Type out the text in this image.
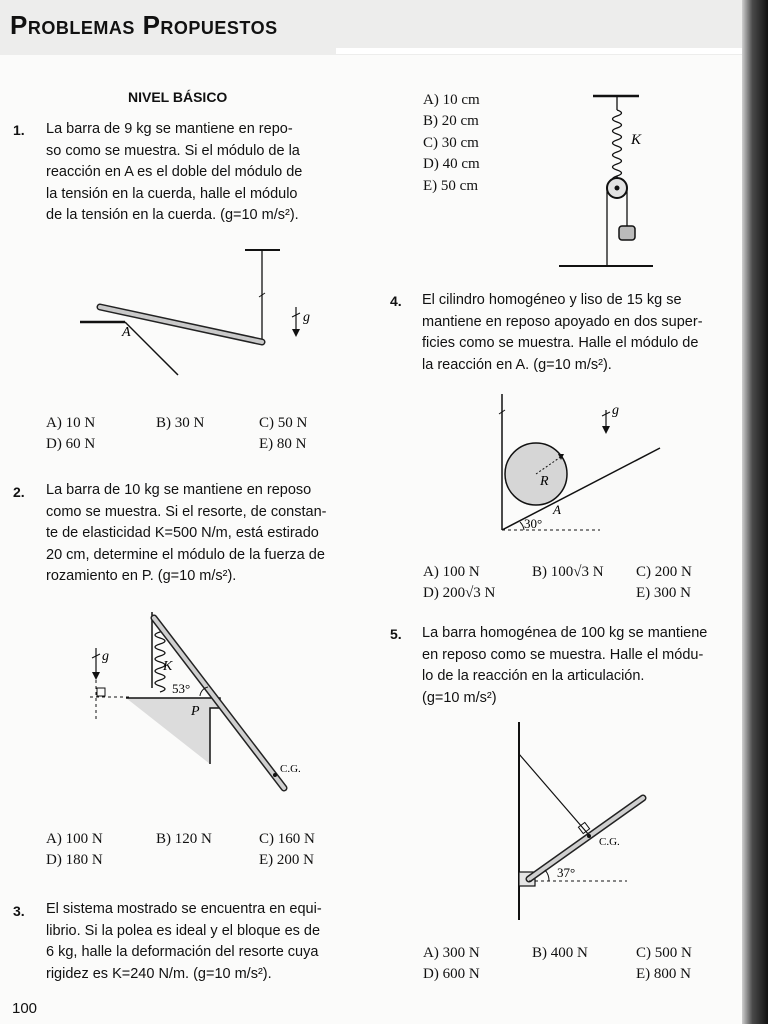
Problemas Propuestos
NIVEL BÁSICO
1. La barra de 9 kg se mantiene en repo-
so como se muestra. Si el módulo de la
reacción en A es el doble del módulo de
la tensión en la cuerda, halle el módulo
de la tensión en la cuerda. (g=10 m/s²).
A
g
A) 10 N	B) 30 N	C) 50 N
D) 60 N	E) 80 N
2. La barra de 10 kg se mantiene en reposo
como se muestra. Si el resorte, de constan-
te de elasticidad K=500 N/m, está estirado
20 cm, determine el módulo de la fuerza de
rozamiento en P. (g=10 m/s²).
g
K
53°
P
C.G.
A) 100 N	B) 120 N	C) 160 N
D) 180 N	E) 200 N
3. El sistema mostrado se encuentra en equi-
librio. Si la polea es ideal y el bloque es de
6 kg, halle la deformación del resorte cuya
rigidez es K=240 N/m. (g=10 m/s²).
A) 10 cm
B) 20 cm
C) 30 cm
D) 40 cm
E) 50 cm
K
4. El cilindro homogéneo y liso de 15 kg se
mantiene en reposo apoyado en dos super-
ficies como se muestra. Halle el módulo de
la reacción en A. (g=10 m/s²).
R
A
30°
g
A) 100 N	B) 100√3 N C) 200 N
D) 200√3 N	E) 300 N
5. La barra homogénea de 100 kg se mantiene
en reposo como se muestra. Halle el módu-
lo de la reacción en la articulación.
(g=10 m/s²)
C.G.
37°
A) 300 N	B) 400 N	C) 500 N
D) 600 N	E) 800 N
100
